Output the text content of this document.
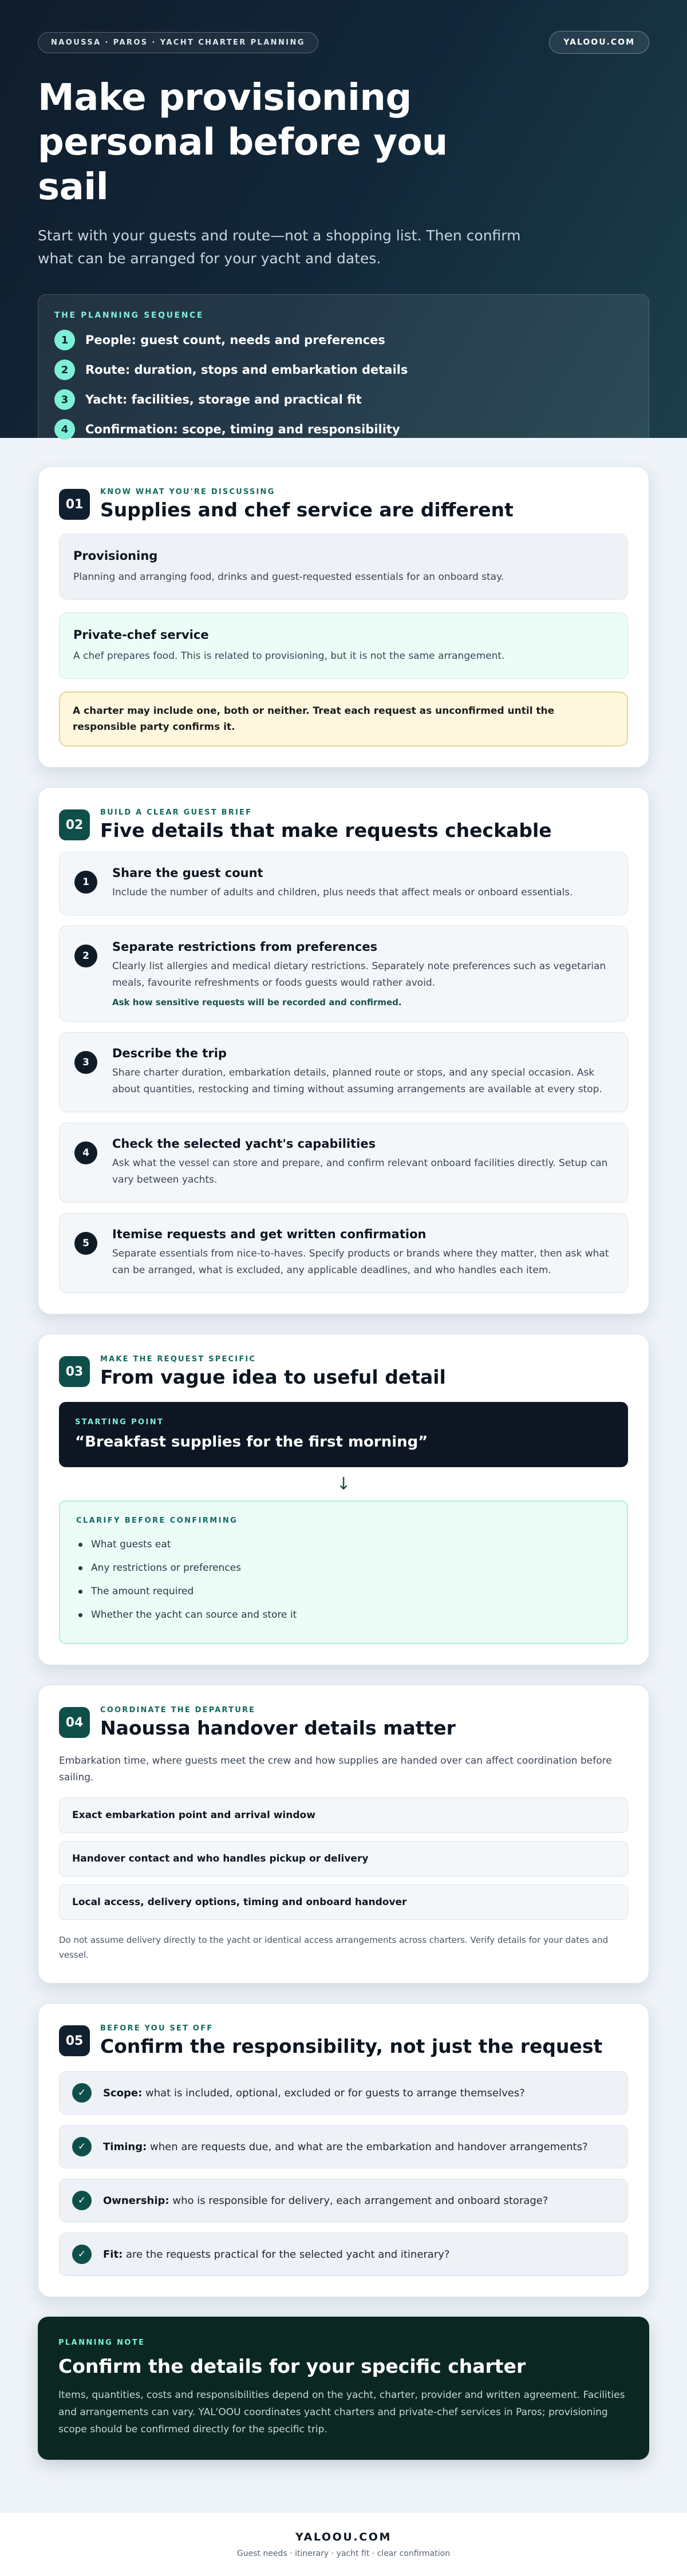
NAOUSSA · PAROS · YACHT CHARTER PLANNING	YALOOU.COM
Make provisioning personal before you sail

Start with your guests and route—not a shopping list. Then confirm what can be arranged for your yacht and dates.

THE PLANNING SEQUENCE
1	People: guest count, needs and preferences
2	Route: duration, stops and embarkation details
3	Yacht: facilities, storage and practical fit
4	Confirmation: scope, timing and responsibility
01
KNOW WHAT YOU'RE DISCUSSING
Supplies and chef service are different
Provisioning
Planning and arranging food, drinks and guest-requested essentials for an onboard stay.
Private-chef service
A chef prepares food. This is related to provisioning, but it is not the same arrangement.
A charter may include one, both or neither. Treat each request as unconfirmed until the responsible party confirms it.
02
BUILD A CLEAR GUEST BRIEF
Five details that make requests checkable
1
Share the guest count
Include the number of adults and children, plus needs that affect meals or onboard essentials.
2
Separate restrictions from preferences
Clearly list allergies and medical dietary restrictions. Separately note preferences such as vegetarian meals, favourite refreshments or foods guests would rather avoid.
Ask how sensitive requests will be recorded and confirmed.
3
Describe the trip
Share charter duration, embarkation details, planned route or stops, and any special occasion. Ask about quantities, restocking and timing without assuming arrangements are available at every stop.
4
Check the selected yacht's capabilities
Ask what the vessel can store and prepare, and confirm relevant onboard facilities directly. Setup can vary between yachts.
5
Itemise requests and get written confirmation
Separate essentials from nice-to-haves. Specify products or brands where they matter, then ask what can be arranged, what is excluded, any applicable deadlines, and who handles each item.
03
MAKE THE REQUEST SPECIFIC
From vague idea to useful detail
STARTING POINT
“Breakfast supplies for the first morning”
↓
CLARIFY BEFORE CONFIRMING
What guests eat
Any restrictions or preferences
The amount required
Whether the yacht can source and store it
04
COORDINATE THE DEPARTURE
Naoussa handover details matter

Embarkation time, where guests meet the crew and how supplies are handed over can affect coordination before sailing.

Exact embarkation point and arrival window
Handover contact and who handles pickup or delivery
Local access, delivery options, timing and onboard handover

Do not assume delivery directly to the yacht or identical access arrangements across charters. Verify details for your dates and vessel.

05
BEFORE YOU SET OFF
Confirm the responsibility, not just the request
✓	Scope: what is included, optional, excluded or for guests to arrange themselves?
✓	Timing: when are requests due, and what are the embarkation and handover arrangements?
✓	Ownership: who is responsible for delivery, each arrangement and onboard storage?
✓	Fit: are the requests practical for the selected yacht and itinerary?
PLANNING NOTE
Confirm the details for your specific charter

Items, quantities, costs and responsibilities depend on the yacht, charter, provider and written agreement. Facilities and arrangements can vary. YAL'OOU coordinates yacht charters and private-chef services in Paros; provisioning scope should be confirmed directly for the specific trip.

YALOOU.COM
Guest needs · itinerary · yacht fit · clear confirmation
